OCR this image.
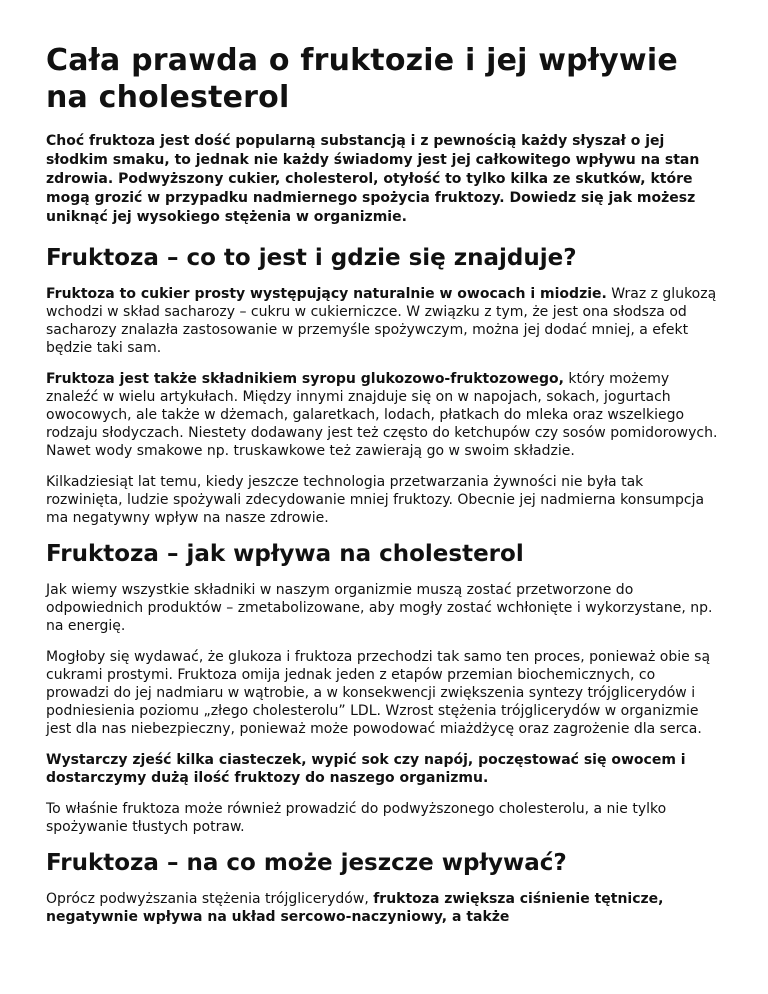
Cała prawda o fruktozie i jej wpływie na cholesterol

Choć fruktoza jest dość popularną substancją i z pewnością każdy słyszał o jej słodkim smaku, to jednak nie każdy świadomy jest jej całkowitego wpływu na stan zdrowia. Podwyższony cukier, cholesterol, otyłość to tylko kilka ze skutków, które mogą grozić w przypadku nadmiernego spożycia fruktozy. Dowiedz się jak możesz uniknąć jej wysokiego stężenia w organizmie.

Fruktoza – co to jest i gdzie się znajduje?

Fruktoza to cukier prosty występujący naturalnie w owocach i miodzie. Wraz z glukozą wchodzi w skład sacharozy – cukru w cukierniczce. W związku z tym, że jest ona słodsza od sacharozy znalazła zastosowanie w przemyśle spożywczym, można jej dodać mniej, a efekt będzie taki sam.

Fruktoza jest także składnikiem syropu glukozowo-fruktozowego, który możemy znaleźć w wielu artykułach. Między innymi znajduje się on w napojach, sokach, jogurtach owocowych, ale także w dżemach, galaretkach, lodach, płatkach do mleka oraz wszelkiego rodzaju słodyczach. Niestety dodawany jest też często do ketchupów czy sosów pomidorowych. Nawet wody smakowe np. truskawkowe też zawierają go w swoim składzie.

Kilkadziesiąt lat temu, kiedy jeszcze technologia przetwarzania żywności nie była tak rozwinięta, ludzie spożywali zdecydowanie mniej fruktozy. Obecnie jej nadmierna konsumpcja ma negatywny wpływ na nasze zdrowie.

Fruktoza – jak wpływa na cholesterol

Jak wiemy wszystkie składniki w naszym organizmie muszą zostać przetworzone do odpowiednich produktów – zmetabolizowane, aby mogły zostać wchłonięte i wykorzystane, np. na energię.

Mogłoby się wydawać, że glukoza i fruktoza przechodzi tak samo ten proces, ponieważ obie są cukrami prostymi. Fruktoza omija jednak jeden z etapów przemian biochemicznych, co prowadzi do jej nadmiaru w wątrobie, a w konsekwencji zwiększenia syntezy trójglicerydów i podniesienia poziomu „złego cholesterolu” LDL. Wzrost stężenia trójglicerydów w organizmie jest dla nas niebezpieczny, ponieważ może powodować miażdżycę oraz zagrożenie dla serca.

Wystarczy zjeść kilka ciasteczek, wypić sok czy napój, poczęstować się owocem i dostarczymy dużą ilość fruktozy do naszego organizmu.

To właśnie fruktoza może również prowadzić do podwyższonego cholesterolu, a nie tylko spożywanie tłustych potraw.

Fruktoza – na co może jeszcze wpływać?

Oprócz podwyższania stężenia trójglicerydów, fruktoza zwiększa ciśnienie tętnicze, negatywnie wpływa na układ sercowo-naczyniowy, a także
